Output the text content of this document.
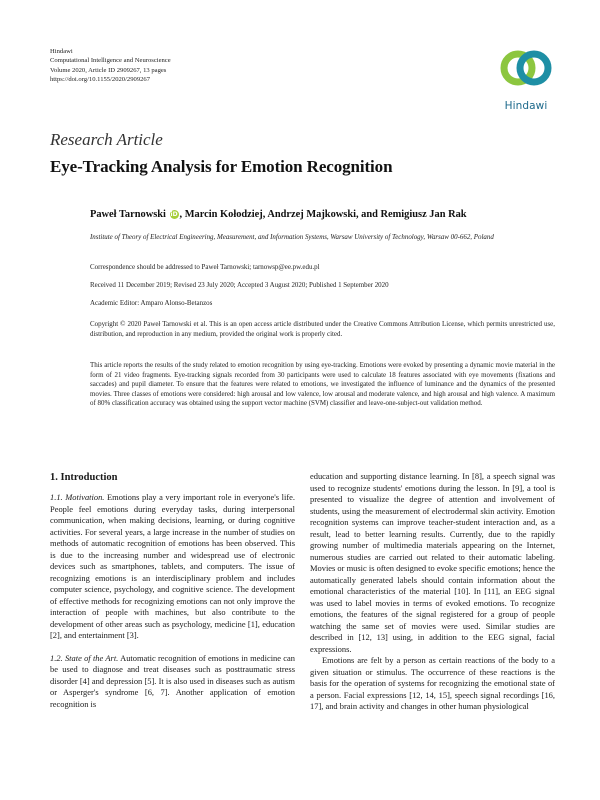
Hindawi
Computational Intelligence and Neuroscience
Volume 2020, Article ID 2909267, 13 pages
https://doi.org/10.1155/2020/2909267
Hindawi
Research Article
Eye-Tracking Analysis for Emotion Recognition
Paweł Tarnowski iD , Marcin Kołodziej, Andrzej Majkowski, and Remigiusz Jan Rak
Institute of Theory of Electrical Engineering, Measurement, and Information Systems, Warsaw University of Technology, Warsaw 00-662, Poland
Correspondence should be addressed to Paweł Tarnowski; tarnowsp@ee.pw.edu.pl
Received 11 December 2019; Revised 23 July 2020; Accepted 3 August 2020; Published 1 September 2020
Academic Editor: Amparo Alonso-Betanzos
Copyright © 2020 Paweł Tarnowski et al. This is an open access article distributed under the Creative Commons Attribution License, which permits unrestricted use, distribution, and reproduction in any medium, provided the original work is properly cited.
This article reports the results of the study related to emotion recognition by using eye-tracking. Emotions were evoked by presenting a dynamic movie material in the form of 21 video fragments. Eye-tracking signals recorded from 30 participants were used to calculate 18 features associated with eye movements (fixations and saccades) and pupil diameter. To ensure that the features were related to emotions, we investigated the influence of luminance and the dynamics of the presented movies. Three classes of emotions were considered: high arousal and low valence, low arousal and moderate valence, and high arousal and high valence. A maximum of 80% classification accuracy was obtained using the support vector machine (SVM) classifier and leave-one-subject-out validation method.
1. Introduction

1.1. Motivation. Emotions play a very important role in everyone's life. People feel emotions during everyday tasks, during interpersonal communication, when making decisions, learning, or during cognitive activities. For several years, a large increase in the number of studies on methods of automatic recognition of emotions has been observed. This is due to the increasing number and widespread use of electronic devices such as smartphones, tablets, and computers. The issue of recognizing emotions is an interdisciplinary problem and includes computer science, psychology, and cognitive science. The development of effective methods for recognizing emotions can not only improve the interaction of people with machines, but also contribute to the development of other areas such as psychology, medicine [1], education [2], and entertainment [3].

1.2. State of the Art. Automatic recognition of emotions in medicine can be used to diagnose and treat diseases such as posttraumatic stress disorder [4] and depression [5]. It is also used in diseases such as autism or Asperger's syndrome [6, 7]. Another application of emotion recognition is

education and supporting distance learning. In [8], a speech signal was used to recognize students' emotions during the lesson. In [9], a tool is presented to visualize the degree of attention and involvement of students, using the measurement of electrodermal skin activity. Emotion recognition systems can improve teacher-student interaction and, as a result, lead to better learning results. Currently, due to the rapidly growing number of multimedia materials appearing on the Internet, numerous studies are carried out related to their automatic labeling. Movies or music is often designed to evoke specific emotions; hence the automatically generated labels should contain information about the emotional characteristics of the material [10]. In [11], an EEG signal was used to label movies in terms of evoked emotions. To recognize emotions, the features of the signal registered for a group of people watching the same set of movies were used. Similar studies are described in [12, 13] using, in addition to the EEG signal, facial expressions.

Emotions are felt by a person as certain reactions of the body to a given situation or stimulus. The occurrence of these reactions is the basis for the operation of systems for recognizing the emotional state of a person. Facial expressions [12, 14, 15], speech signal recordings [16, 17], and brain activity and changes in other human physiological
